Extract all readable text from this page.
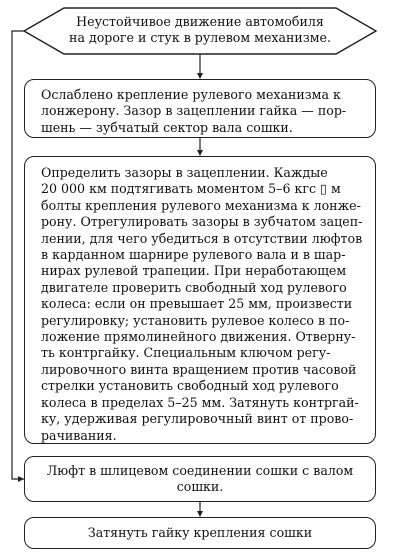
Неустойчивое движение автомобиля
на дороге и стук в рулевом механизме.
Ослаблено крепление рулевого механизма к
лонжерону. Зазор в зацеплении гайка — пор-
шень — зубчатый сектор вала сошки.
Определить зазоры в зацеплении. Каждые
20 000 км подтягивать моментом 5–6 кгс ▯ м
болты крепления рулевого механизма к лонже-
рону. Отрегулировать зазоры в зубчатом зацеп-
лении, для чего убедиться в отсутствии люфтов
в карданном шарнире рулевого вала и в шар-
нирах рулевой трапеции. При неработающем
двигателе проверить свободный ход рулевого
колеса: если он превышает 25 мм, произвести
регулировку; установить рулевое колесо в по-
ложение прямолинейного движения. Отверну-
ть контргайку. Специальным ключом регу-
лировочного винта вращением против часовой
стрелки установить свободный ход рулевого
колеса в пределах 5–25 мм. Затянуть контргай-
ку, удерживая регулировочный винт от прово-
рачивания.
Люфт в шлицевом соединении сошки с валом
сошки.
Затянуть гайку крепления сошки
